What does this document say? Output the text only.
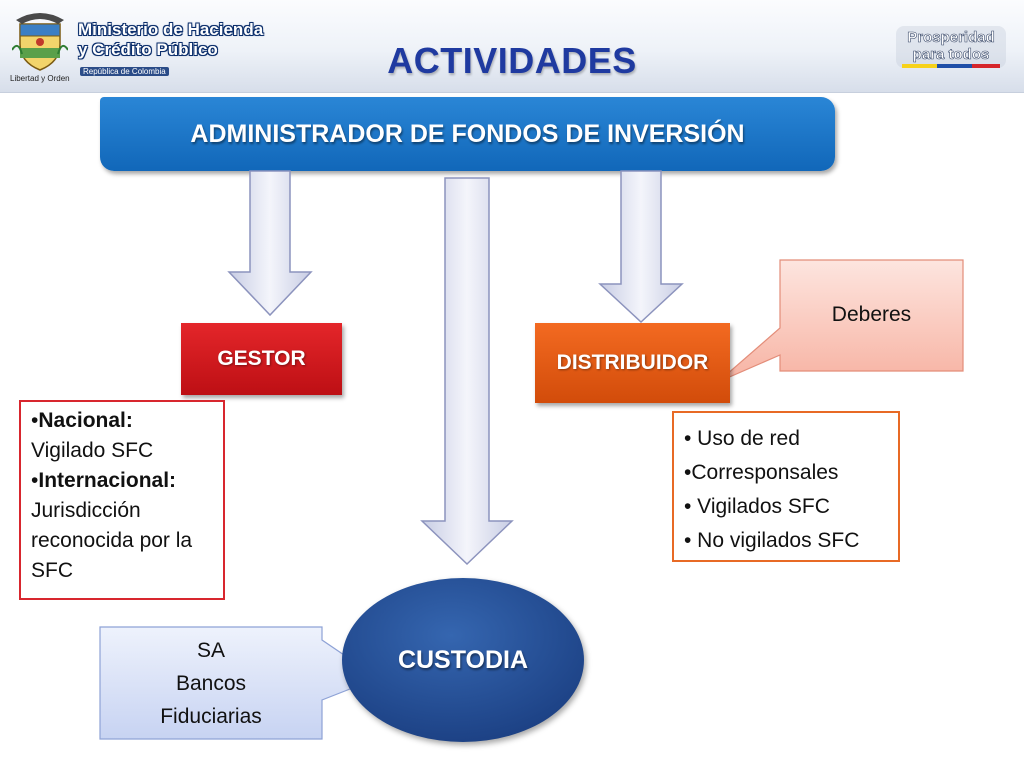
Libertad y Orden
Ministerio de Hacienda
y Crédito Público
República de Colombia
Prosperidad
para todos
ACTIVIDADES
ADMINISTRADOR DE FONDOS DE INVERSIÓN
GESTOR
•Nacional:
Vigilado SFC
•Internacional:
Jurisdicción
reconocida por la
SFC
DISTRIBUIDOR
• Uso de red
•Corresponsales
• Vigilados SFC
• No vigilados SFC
Deberes
CUSTODIA
SA
Bancos
Fiduciarias
